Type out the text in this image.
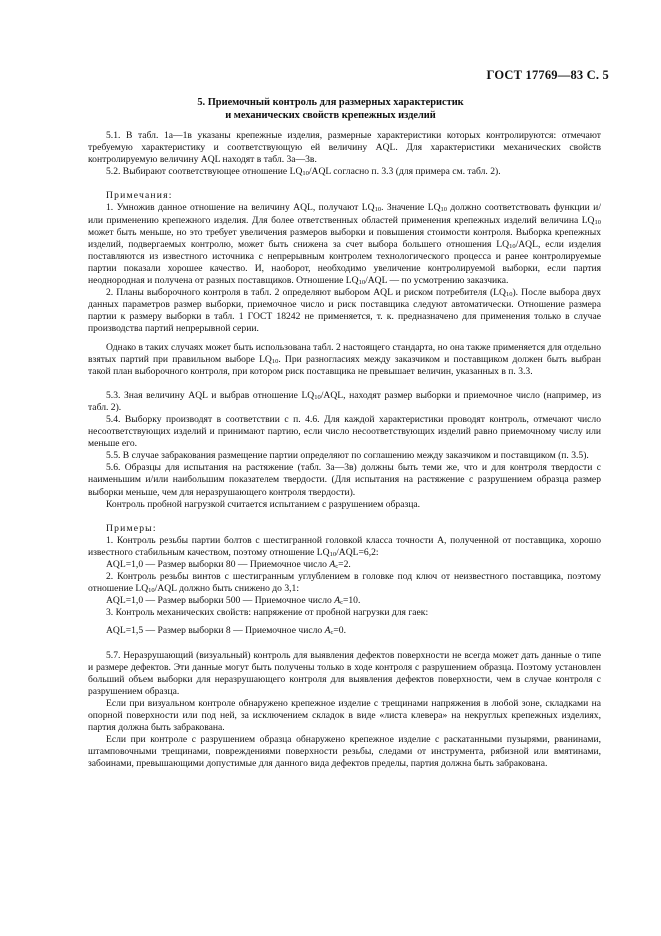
ГОСТ 17769—83 С. 5
5. Приемочный контроль для размерных характеристик
и механических свойств крепежных изделий

5.1. В табл. 1а—1в указаны крепежные изделия, размерные характеристики которых контролируются: отмечают требуемую характеристику и соответствующую ей величину AQL. Для характеристики механических свойств контролируемую величину AQL находят в табл. 3а—3в.

5.2. Выбирают соответствующее отношение $LQ_{10}$/AQL согласно п. 3.3 (для примера см. табл. 2).

Примечания:

1. Умножив данное отношение на величину AQL, получают $LQ_{10}$. Значение $LQ_{10}$ должно соответствовать функции и/или применению крепежного изделия. Для более ответственных областей применения крепежных изделий величина $LQ_{10}$ может быть меньше, но это требует увеличения размеров выборки и повышения стоимости контроля. Выборка крепежных изделий, подвергаемых контролю, может быть снижена за счет выбора большего отношения $LQ_{10}$/AQL, если изделия поставляются из известного источника с непрерывным контролем технологического процесса и ранее контролируемые партии показали хорошее качество. И, наоборот, необходимо увеличение контролируемой выборки, если партия неоднородная и получена от разных поставщиков. Отношение $LQ_{10}$/AQL — по усмотрению заказчика.

2. Планы выборочного контроля в табл. 2 определяют выбором AQL и риском потребителя $(LQ_{10})$. После выбора двух данных параметров размер выборки, приемочное число и риск поставщика следуют автоматически. Отношение размера партии к размеру выборки в табл. 1 ГОСТ 18242 не применяется, т. к. предназначено для применения только в случае производства партий непрерывной серии.

Однако в таких случаях может быть использована табл. 2 настоящего стандарта, но она также применяется для отдельно взятых партий при правильном выборе $LQ_{10}$. При разногласиях между заказчиком и поставщиком должен быть выбран такой план выборочного контроля, при котором риск поставщика не превышает величин, указанных в п. 3.3.

5.3. Зная величину AQL и выбрав отношение $LQ_{10}$/AQL, находят размер выборки и приемочное число (например, из табл. 2).

5.4. Выборку производят в соответствии с п. 4.6. Для каждой характеристики проводят контроль, отмечают число несоответствующих изделий и принимают партию, если число несоответствующих изделий равно приемочному числу или меньше его.

5.5. В случае забракования размещение партии определяют по соглашению между заказчиком и поставщиком (п. 3.5).

5.6. Образцы для испытания на растяжение (табл. 3а—3в) должны быть теми же, что и для контроля твердости с наименьшим и/или наибольшим показателем твердости. (Для испытания на растяжение с разрушением образца размер выборки меньше, чем для неразрушающего контроля твердости).

Контроль пробной нагрузкой считается испытанием с разрушением образца.

Примеры:

1. Контроль резьбы партии болтов с шестигранной головкой класса точности А, полученной от поставщика, хорошо известного стабильным качеством, поэтому отношение $LQ_{10}/AQL=6,2$:

AQL=1,0 — Размер выборки 80 — Приемочное число $A_c=2$.

2. Контроль резьбы винтов с шестигранным углублением в головке под ключ от неизвестного поставщика, поэтому отношение $LQ_{10}$/AQL должно быть снижено до 3,1:

AQL=1,0 — Размер выборки 500 — Приемочное число $A_c=10$.

3. Контроль механических свойств: напряжение от пробной нагрузки для гаек:

AQL=1,5 — Размер выборки 8 — Приемочное число $A_c=0$.

5.7. Неразрушающий (визуальный) контроль для выявления дефектов поверхности не всегда может дать данные о типе и размере дефектов. Эти данные могут быть получены только в ходе контроля с разрушением образца. Поэтому установлен больший объем выборки для неразрушающего контроля для выявления дефектов поверхности, чем в случае контроля с разрушением образца.

Если при визуальном контроле обнаружено крепежное изделие с трещинами напряжения в любой зоне, складками на опорной поверхности или под ней, за исключением складок в виде «листа клевера» на некруглых крепежных изделиях, партия должна быть забракована.

Если при контроле с разрушением образца обнаружено крепежное изделие с раскатанными пузырями, рванинами, штамповочными трещинами, повреждениями поверхности резьбы, следами от инструмента, рябизной или вмятинами, забоинами, превышающими допустимые для данного вида дефектов пределы, партия должна быть забракована.
